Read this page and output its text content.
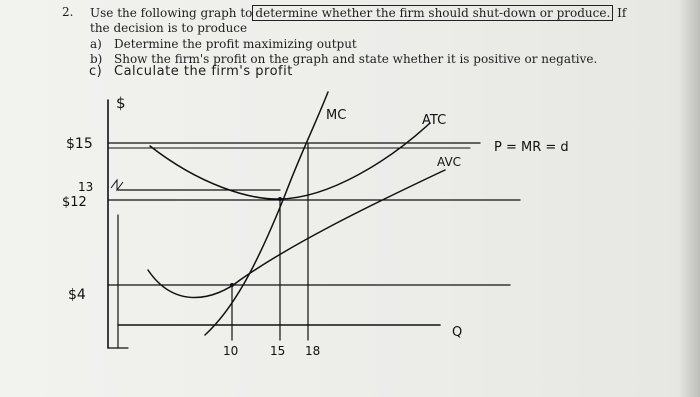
2. Use the following graph to determine whether the firm should shut-down or produce. If
the decision is to produce
a) Determine the profit maximizing output
b) Show the firm's profit on the graph and state whether it is positive or negative.
c) Calculate the firm's profit
$
MC	ATC
AVC
P = MR = d
Q
$15
13
$12
$4
10	15 18
